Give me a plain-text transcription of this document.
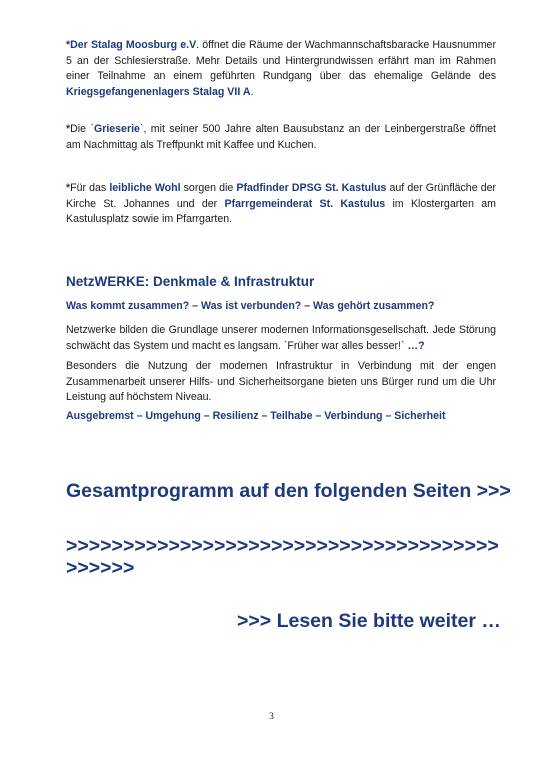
*Der Stalag Moosburg e.V. öffnet die Räume der Wachmannschaftsbaracke Hausnummer 5 an der Schlesierstraße. Mehr Details und Hintergrundwissen erfährt man im Rahmen einer Teilnahme an einem geführten Rundgang über das ehemalige Gelände des Kriegsgefangenenlagers Stalag VII A.

*Die `Grieserie`, mit seiner 500 Jahre alten Bausubstanz an der Leinbergerstraße öffnet am Nachmittag als Treffpunkt mit Kaffee und Kuchen.

*Für das leibliche Wohl sorgen die Pfadfinder DPSG St. Kastulus auf der Grünfläche der Kirche St. Johannes und der Pfarrgemeinderat St. Kastulus im Klostergarten am Kastulusplatz sowie im Pfarrgarten.

NetzWERKE: Denkmale & Infrastruktur

Was kommt zusammen? – Was ist verbunden? – Was gehört zusammen?

Netzwerke bilden die Grundlage unserer modernen Informationsgesellschaft. Jede Störung schwächt das System und macht es langsam. `Früher war alles besser!` …?

Besonders die Nutzung der modernen Infrastruktur in Verbindung mit der engen Zusammenarbeit unserer Hilfs- und Sicherheitsorgane bieten uns Bürger rund um die Uhr Leistung auf höchstem Niveau.

Ausgebremst – Umgehung – Resilienz – Teilhabe – Verbindung – Sicherheit

Gesamtprogramm auf den folgenden Seiten >>>

>>>>>>>>>>>>>>>>>>>>>>>>>>>>>>>>>>>>>>>>>>>>

>>> Lesen Sie bitte weiter …

3
